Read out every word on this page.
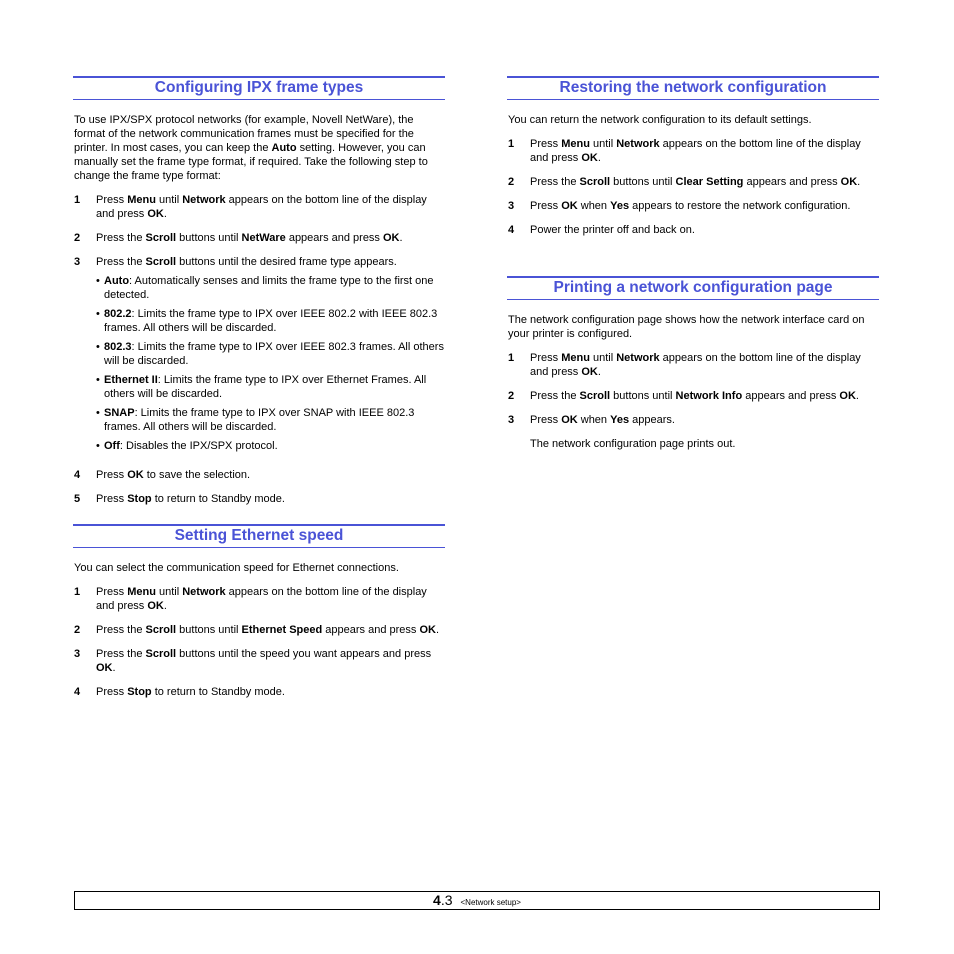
Configuring IPX frame types

To use IPX/SPX protocol networks (for example, Novell NetWare), the format of the network communication frames must be specified for the printer. In most cases, you can keep the Auto setting. However, you can manually set the frame type format, if required. Take the following step to change the frame type format:

1	Press Menu until Network appears on the bottom line of the display and press OK.
2	Press the Scroll buttons until NetWare appears and press OK.
3	Press the Scroll buttons until the desired frame type appears.
• Auto: Automatically senses and limits the frame type to the first one detected.
• 802.2: Limits the frame type to IPX over IEEE 802.2 with IEEE 802.3 frames. All others will be discarded.
• 802.3: Limits the frame type to IPX over IEEE 802.3 frames. All others will be discarded.
• Ethernet II: Limits the frame type to IPX over Ethernet Frames. All others will be discarded.
• SNAP: Limits the frame type to IPX over SNAP with IEEE 802.3 frames. All others will be discarded.
• Off: Disables the IPX/SPX protocol.
4	Press OK to save the selection.
5	Press Stop to return to Standby mode.
Setting Ethernet speed

You can select the communication speed for Ethernet connections.

1	Press Menu until Network appears on the bottom line of the display and press OK.
2	Press the Scroll buttons until Ethernet Speed appears and press OK.
3	Press the Scroll buttons until the speed you want appears and press OK.
4	Press Stop to return to Standby mode.
Restoring the network configuration

You can return the network configuration to its default settings.

1	Press Menu until Network appears on the bottom line of the display and press OK.
2	Press the Scroll buttons until Clear Setting appears and press OK.
3	Press OK when Yes appears to restore the network configuration.
4	Power the printer off and back on.
Printing a network configuration page

The network configuration page shows how the network interface card on your printer is configured.

1	Press Menu until Network appears on the bottom line of the display and press OK.
2	Press the Scroll buttons until Network Info appears and press OK.
3	Press OK when Yes appears.

The network configuration page prints out.

4.3 <Network setup>
